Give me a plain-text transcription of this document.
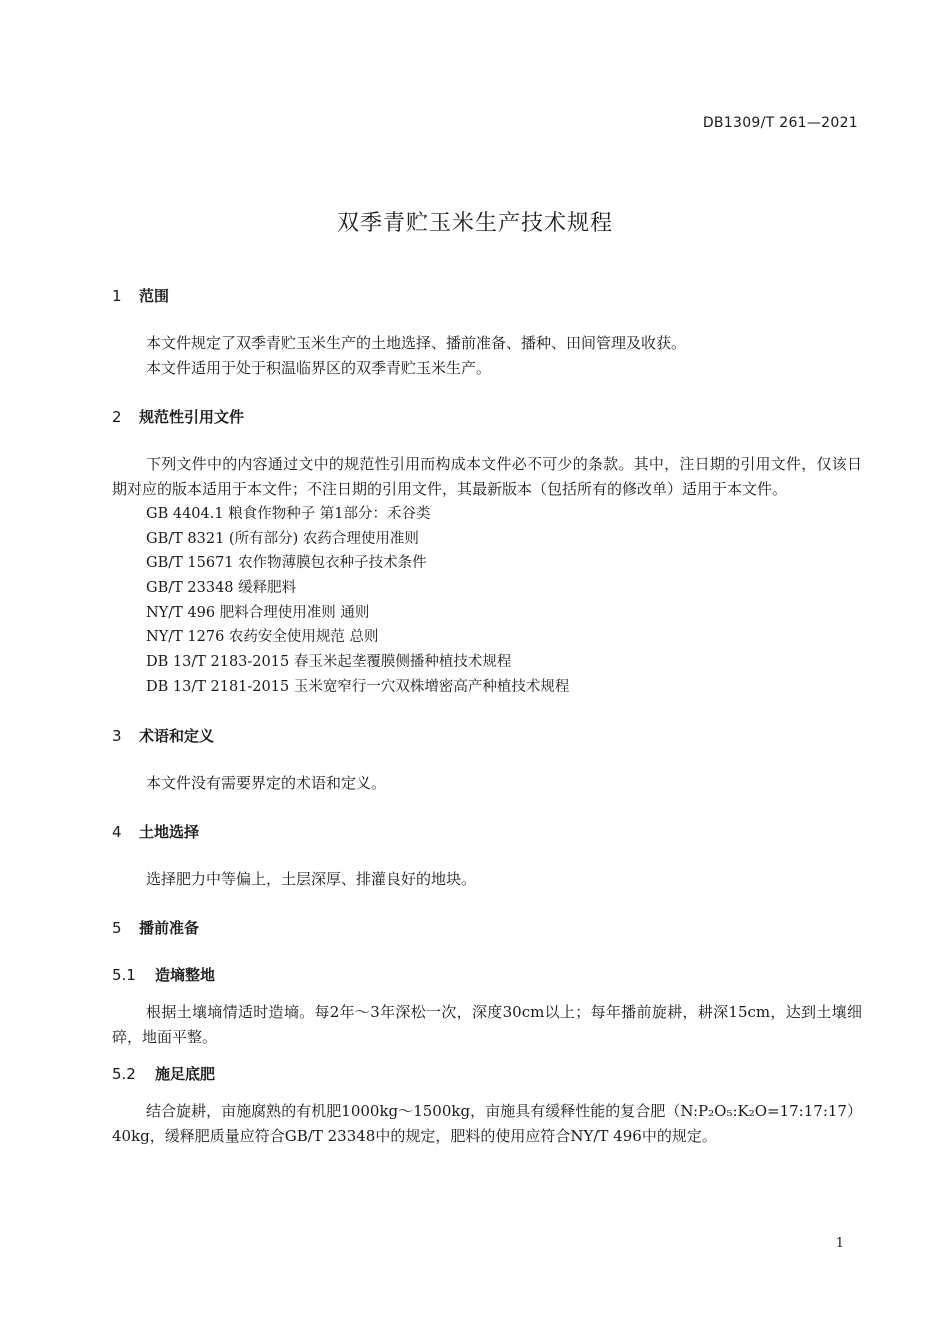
DB1309/T 261—2021
双季青贮玉米生产技术规程
1 范围

本文件规定了双季青贮玉米生产的土地选择、播前准备、播种、田间管理及收获。

本文件适用于处于积温临界区的双季青贮玉米生产。

2 规范性引用文件

下列文件中的内容通过文中的规范性引用而构成本文件必不可少的条款。其中，注日期的引用文件，仅该日期对应的版本适用于本文件；不注日期的引用文件，其最新版本（包括所有的修改单）适用于本文件。

GB 4404.1 粮食作物种子 第1部分：禾谷类

GB/T 8321 (所有部分) 农药合理使用准则

GB/T 15671 农作物薄膜包衣种子技术条件

GB/T 23348 缓释肥料

NY/T 496 肥料合理使用准则 通则

NY/T 1276 农药安全使用规范 总则

DB 13/T 2183-2015 春玉米起垄覆膜侧播种植技术规程

DB 13/T 2181-2015 玉米宽窄行一穴双株增密高产种植技术规程

3 术语和定义

本文件没有需要界定的术语和定义。

4 土地选择

选择肥力中等偏上，土层深厚、排灌良好的地块。

5 播前准备
5.1 造墒整地

根据土壤墒情适时造墒。每2年～3年深松一次，深度30cm以上；每年播前旋耕，耕深15cm，达到土壤细碎，地面平整。

5.2 施足底肥

结合旋耕，亩施腐熟的有机肥1000kg～1500kg，亩施具有缓释性能的复合肥（N:P₂O₅:K₂O=17:17:17）40kg，缓释肥质量应符合GB/T 23348中的规定，肥料的使用应符合NY/T 496中的规定。

1
